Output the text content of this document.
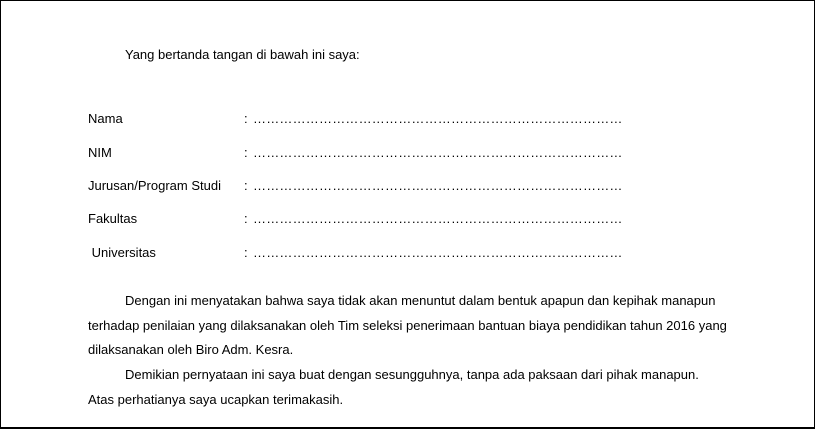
Yang bertanda tangan di bawah ini saya:
Nama	: …………………………………………………………………………
NIM	: …………………………………………………………………………
Jurusan/Program Studi : …………………………………………………………………………
Fakultas	: …………………………………………………………………………
Universitas	: …………………………………………………………………………

Dengan ini menyatakan bahwa saya tidak akan menuntut dalam bentuk apapun dan kepihak manapun

terhadap penilaian yang dilaksanakan oleh Tim seleksi penerimaan bantuan biaya pendidikan tahun 2016 yang

dilaksanakan oleh Biro Adm. Kesra.

Demikian pernyataan ini saya buat dengan sesungguhnya, tanpa ada paksaan dari pihak manapun.

Atas perhatianya saya ucapkan terimakasih.
